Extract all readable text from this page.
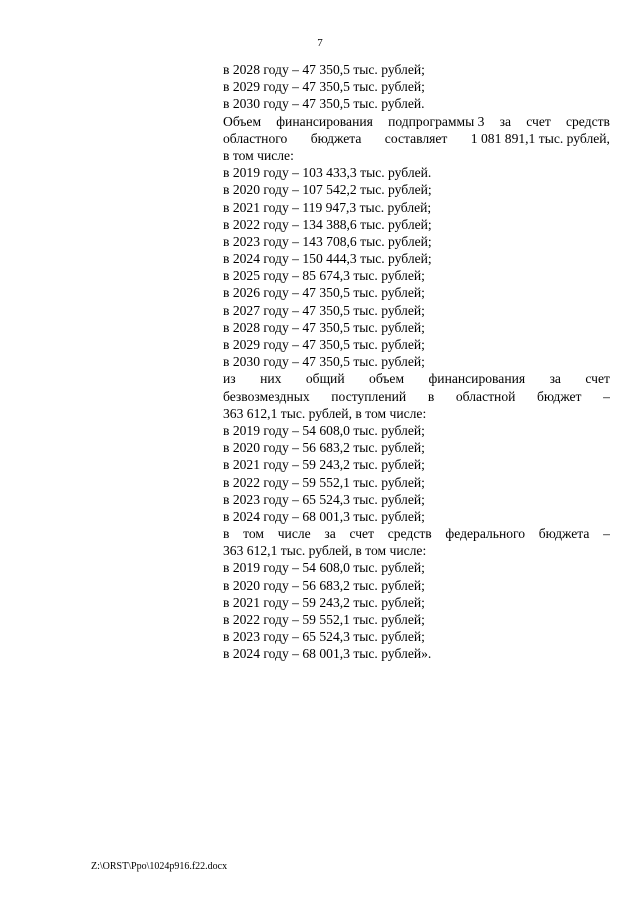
7
в 2028 году – 47 350,5 тыс. рублей;
в 2029 году – 47 350,5 тыс. рублей;
в 2030 году – 47 350,5 тыс. рублей.
Объем финансирования подпрограммы 3 за счет средств
областного бюджета составляет 1 081 891,1 тыс. рублей,
в том числе:
в 2019 году – 103 433,3 тыс. рублей.
в 2020 году – 107 542,2 тыс. рублей;
в 2021 году – 119 947,3 тыс. рублей;
в 2022 году – 134 388,6 тыс. рублей;
в 2023 году – 143 708,6 тыс. рублей;
в 2024 году – 150 444,3 тыс. рублей;
в 2025 году – 85 674,3 тыс. рублей;
в 2026 году – 47 350,5 тыс. рублей;
в 2027 году – 47 350,5 тыс. рублей;
в 2028 году – 47 350,5 тыс. рублей;
в 2029 году – 47 350,5 тыс. рублей;
в 2030 году – 47 350,5 тыс. рублей;
из них общий объем финансирования за счет
безвозмездных поступлений в областной бюджет –
363 612,1 тыс. рублей, в том числе:
в 2019 году – 54 608,0 тыс. рублей;
в 2020 году – 56 683,2 тыс. рублей;
в 2021 году – 59 243,2 тыс. рублей;
в 2022 году – 59 552,1 тыс. рублей;
в 2023 году – 65 524,3 тыс. рублей;
в 2024 году – 68 001,3 тыс. рублей;
в том числе за счет средств федерального бюджета –
363 612,1 тыс. рублей, в том числе:
в 2019 году – 54 608,0 тыс. рублей;
в 2020 году – 56 683,2 тыс. рублей;
в 2021 году – 59 243,2 тыс. рублей;
в 2022 году – 59 552,1 тыс. рублей;
в 2023 году – 65 524,3 тыс. рублей;
в 2024 году – 68 001,3 тыс. рублей».
Z:\ORST\Ppo\1024p916.f22.docx
